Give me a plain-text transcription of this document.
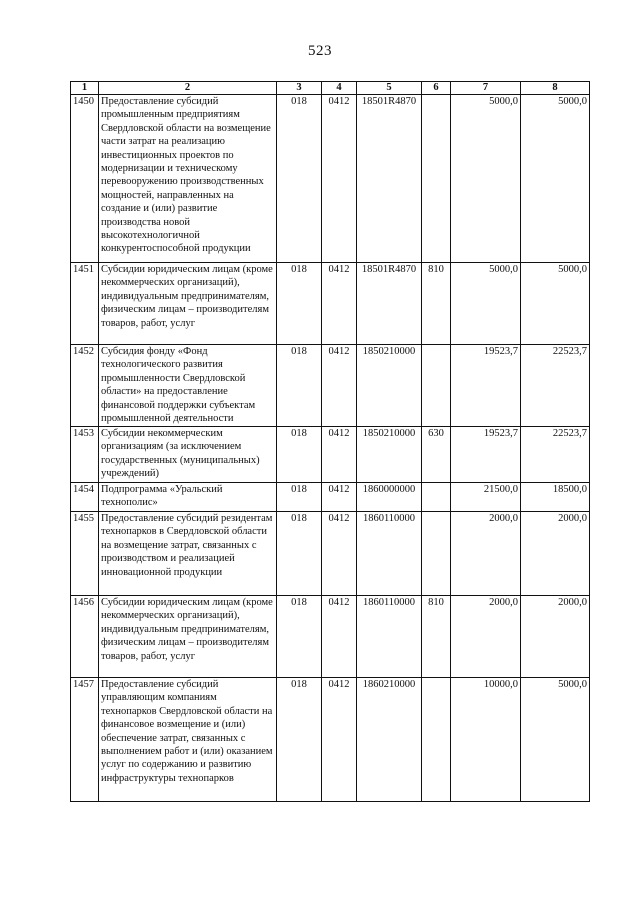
523
1	2	3	4	5	6	7	8
1450	Предоставление субсидий промышленным предприятиям Свердловской области на возмещение части затрат на реализацию инвестиционных проектов по модернизации и техническому перевооружению производственных мощностей, направленных на создание и (или) развитие производства новой высокотехнологичной конкурентоспособной продукции	018	0412	18501R4870		5000,0	5000,0
1451	Субсидии юридическим лицам (кроме некоммерческих организаций), индивидуальным предпринимателям, физическим лицам – производителям товаров, работ, услуг	018	0412	18501R4870	810	5000,0	5000,0
1452	Субсидия фонду «Фонд технологического развития промышленности Свердловской области» на предоставление финансовой поддержки субъектам промышленной деятельности	018	0412	1850210000		19523,7	22523,7
1453	Субсидии некоммерческим организациям (за исключением государственных (муниципальных) учреждений)	018	0412	1850210000	630	19523,7	22523,7
1454	Подпрограмма «Уральский технополис»	018	0412	1860000000		21500,0	18500,0
1455	Предоставление субсидий резидентам технопарков в Свердловской области на возмещение затрат, связанных с производством и реализацией инновационной продукции	018	0412	1860110000		2000,0	2000,0
1456	Субсидии юридическим лицам (кроме некоммерческих организаций), индивидуальным предпринимателям, физическим лицам – производителям товаров, работ, услуг	018	0412	1860110000	810	2000,0	2000,0
1457	Предоставление субсидий управляющим компаниям технопарков Свердловской области на финансовое возмещение и (или) обеспечение затрат, связанных с выполнением работ и (или) оказанием услуг по содержанию и развитию инфраструктуры технопарков	018	0412	1860210000		10000,0	5000,0
